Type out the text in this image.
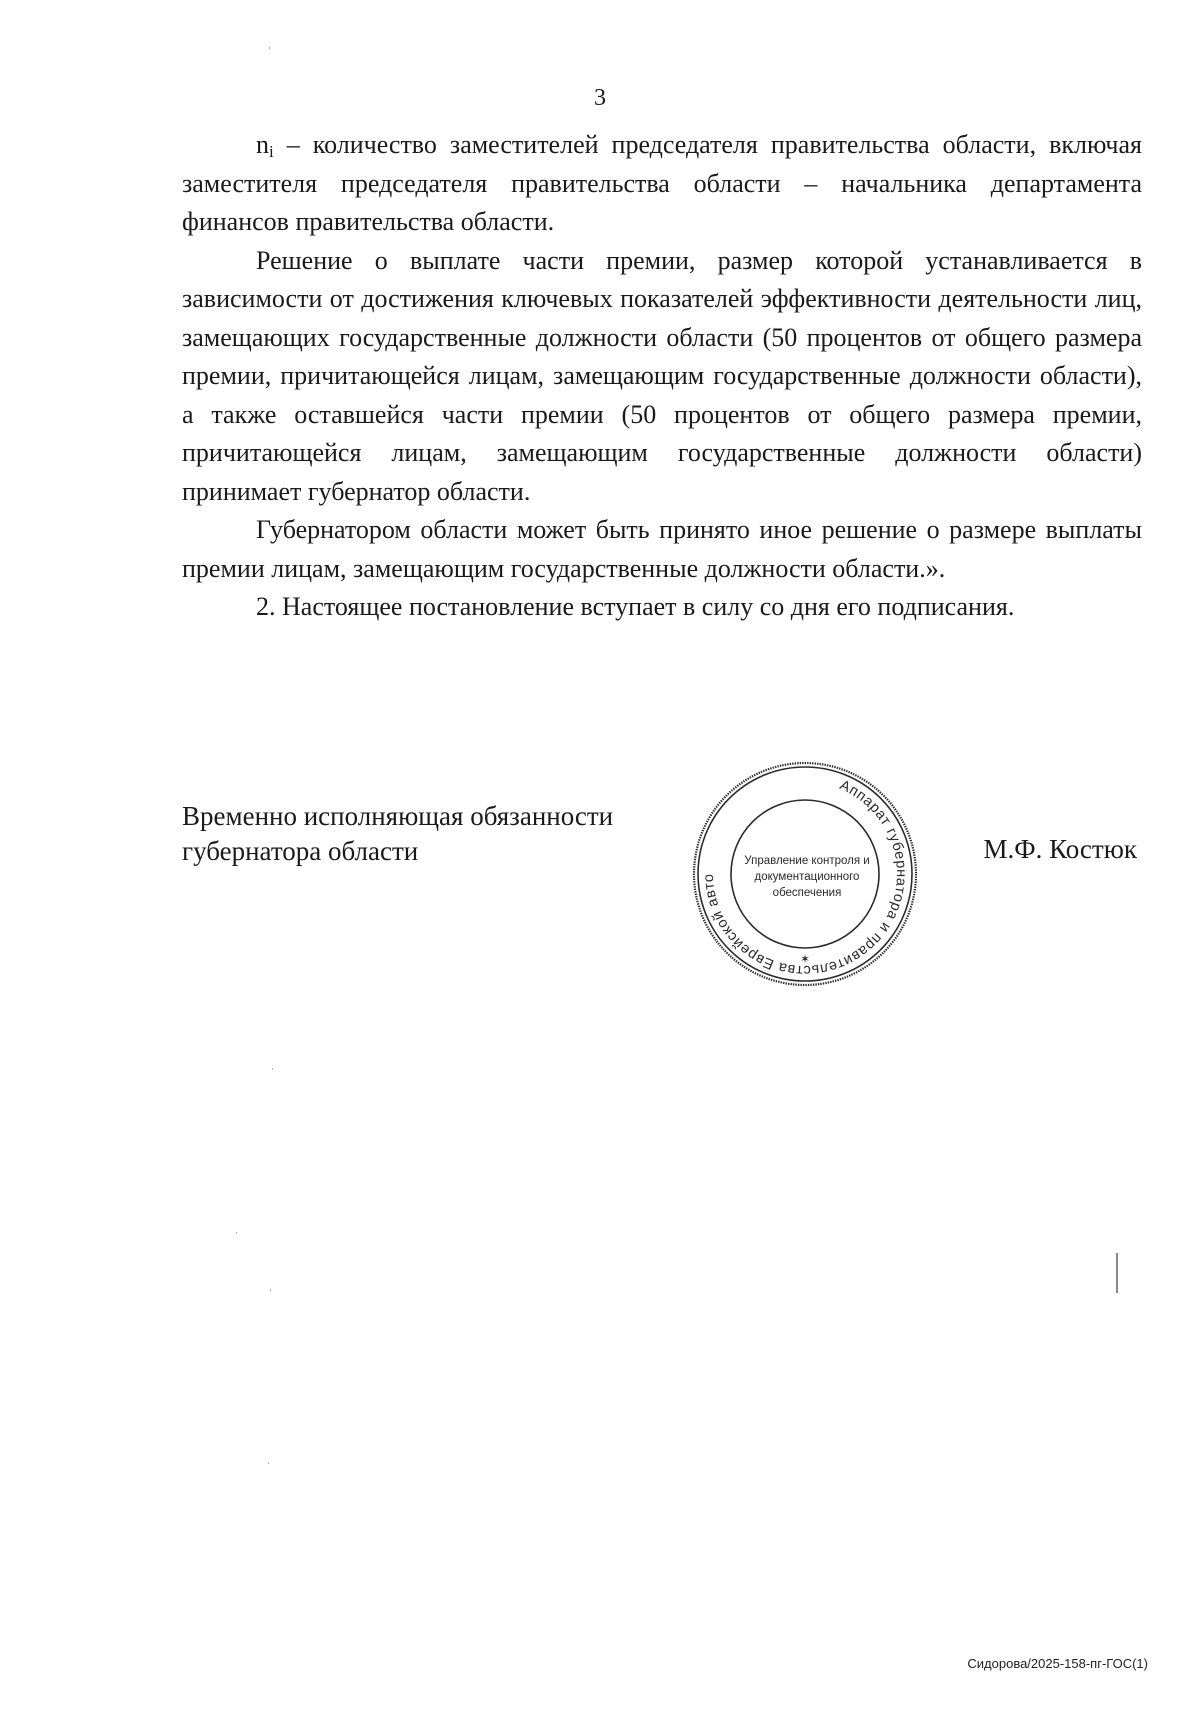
3

$n_i$ – количество заместителей председателя правительства области, включая заместителя председателя правительства области – начальника департамента финансов правительства области.

Решение о выплате части премии, размер которой устанавливается в зависимости от достижения ключевых показателей эффективности деятельности лиц, замещающих государственные должности области (50 процентов от общего размера премии, причитающейся лицам, замещающим государственные должности области), а также оставшейся части премии (50 процентов от общего размера премии, причитающейся лицам, замещающим государственные должности области) принимает губернатор области.

Губернатором области может быть принято иное решение о размере выплаты премии лицам, замещающим государственные должности области.».

2. Настоящее постановление вступает в силу со дня его подписания.

Временно исполняющая обязанности
губернатора области	М.Ф. Костюк
Аппарат губернатора и правительства Еврейской авто
Управление контроля и
документационного
обеспечения
✶
Сидорова/2025-158-пг-ГОС(1)
